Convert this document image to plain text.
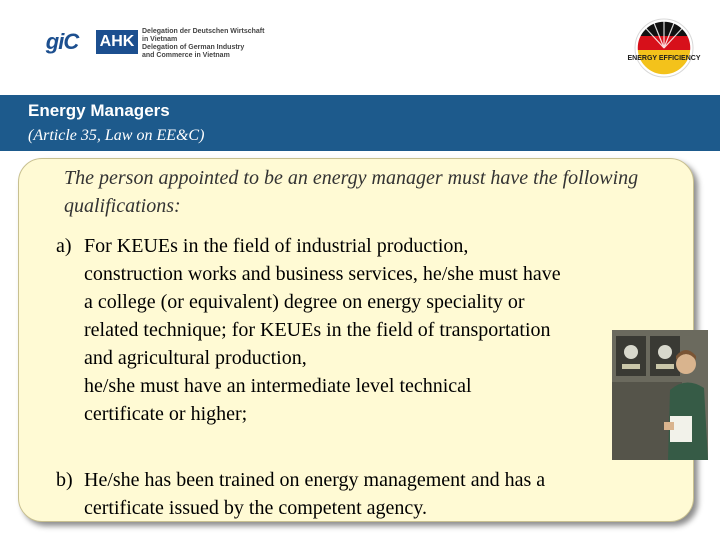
giC	AHK
Delegation der Deutschen Wirtschaft
in Vietnam
Delegation of German Industry
and Commerce in Vietnam	ENERGY EFFICIENCY
Energy Managers
(Article 35, Law on EE&C)
The person appointed to be an energy manager must have the following qualifications:
a) For KEUEs in the field of industrial production,
construction works and business services, he/she must have
a college (or equivalent) degree on energy speciality or
related technique; for KEUEs in the field of transportation
and agricultural production,
he/she must have an intermediate level technical
certificate or higher;
b) He/she has been trained on energy management and has a
certificate issued by the competent agency.
